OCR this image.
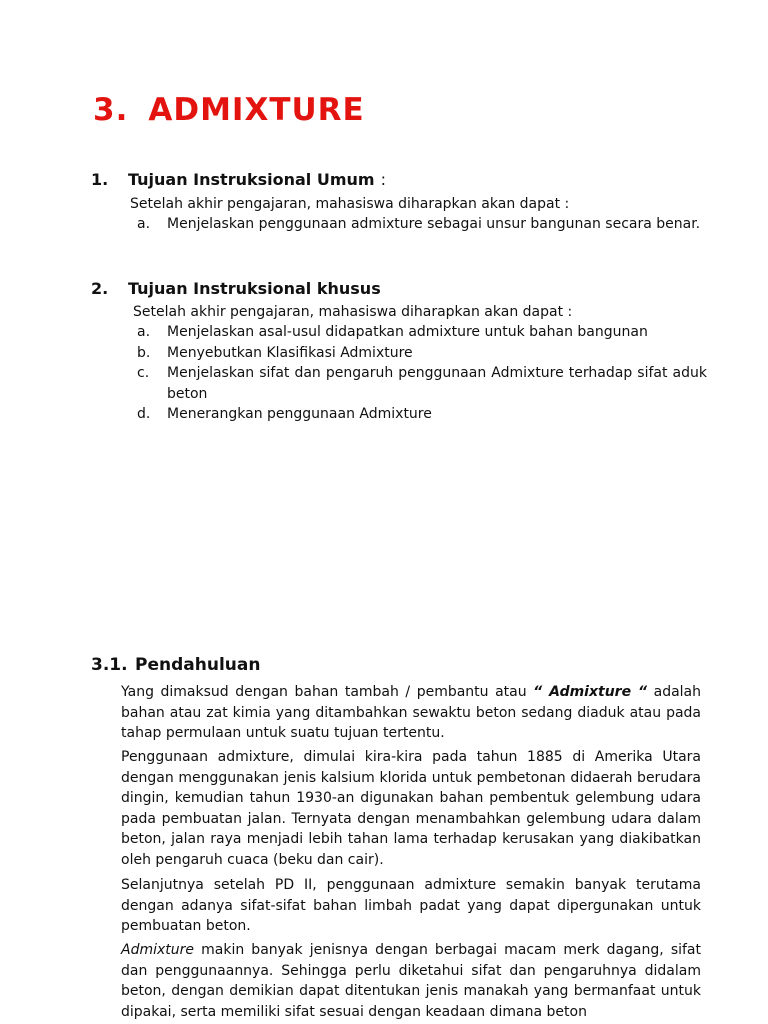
3. ADMIXTURE
1. Tujuan Instruksional Umum :
Setelah akhir pengajaran, mahasiswa diharapkan akan dapat :
a.	Menjelaskan penggunaan admixture sebagai unsur bangunan secara benar.
2. Tujuan Instruksional khusus
Setelah akhir pengajaran, mahasiswa diharapkan akan dapat :
a.	Menjelaskan asal-usul didapatkan admixture untuk bahan bangunan
b.	Menyebutkan Klasifikasi Admixture
c.	Menjelaskan sifat dan pengaruh penggunaan Admixture terhadap sifat aduk beton
d.	Menerangkan penggunaan Admixture
3.1. Pendahuluan
Yang dimaksud dengan bahan tambah / pembantu atau “ Admixture “ adalah bahan atau zat kimia yang ditambahkan sewaktu beton sedang diaduk atau pada tahap permulaan untuk suatu tujuan tertentu.
Penggunaan admixture, dimulai kira-kira pada tahun 1885 di Amerika Utara dengan menggunakan jenis kalsium klorida untuk pembetonan didaerah berudara dingin, kemudian tahun 1930-an digunakan bahan pembentuk gelembung udara pada pembuatan jalan. Ternyata dengan menambahkan gelembung udara dalam beton, jalan raya menjadi lebih tahan lama terhadap kerusakan yang diakibatkan oleh pengaruh cuaca (beku dan cair).
Selanjutnya setelah PD II, penggunaan admixture semakin banyak terutama dengan adanya sifat-sifat bahan limbah padat yang dapat dipergunakan untuk pembuatan beton.
Admixture makin banyak jenisnya dengan berbagai macam merk dagang, sifat dan penggunaannya. Sehingga perlu diketahui sifat dan pengaruhnya didalam beton, dengan demikian dapat ditentukan jenis manakah yang bermanfaat untuk dipakai, serta memiliki sifat sesuai dengan keadaan dimana beton
